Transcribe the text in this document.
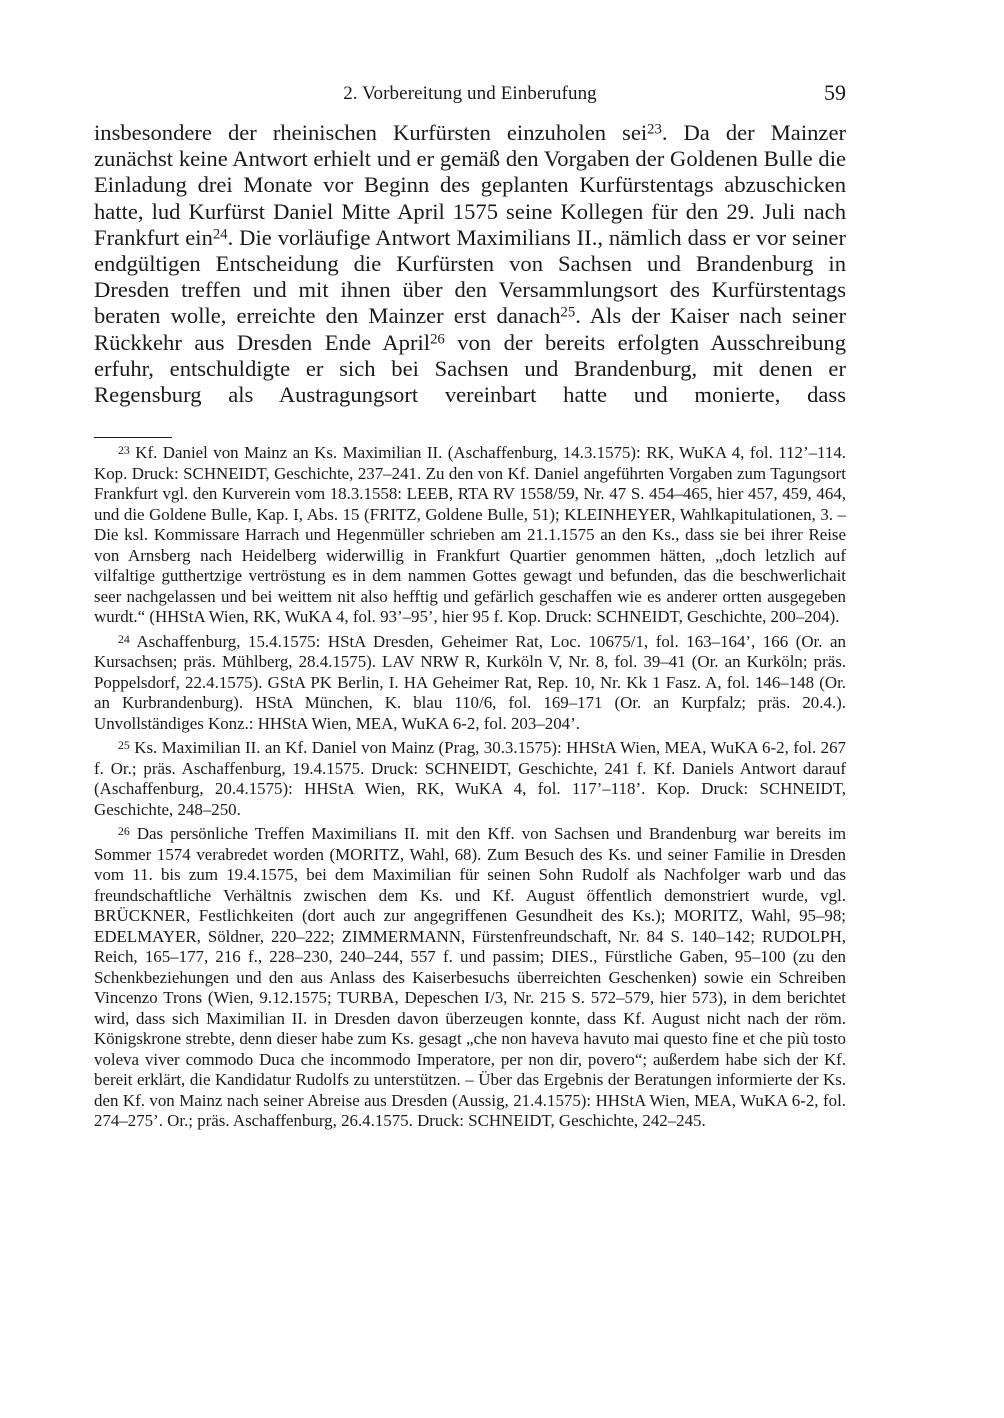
2. Vorbereitung und Einberufung	59
insbesondere der rheinischen Kurfürsten einzuholen sei$^{23}$. Da der Mainzer zunächst keine Antwort erhielt und er gemäß den Vorgaben der Goldenen Bulle die Einladung drei Monate vor Beginn des geplanten Kurfürstentags abzuschicken hatte, lud Kurfürst Daniel Mitte April 1575 seine Kollegen für den 29. Juli nach Frankfurt ein$^{24}$. Die vorläufige Antwort Maximilians II., nämlich dass er vor seiner endgültigen Entscheidung die Kurfürsten von Sachsen und Brandenburg in Dresden treffen und mit ihnen über den Versammlungsort des Kurfürstentags beraten wolle, erreichte den Mainzer erst danach$^{25}$. Als der Kaiser nach seiner Rückkehr aus Dresden Ende April$^{26}$ von der bereits erfolgten Ausschreibung erfuhr, entschuldigte er sich bei Sachsen und Brandenburg, mit denen er Regensburg als Austragungsort vereinbart hatte und monierte, dass

$^{23}$ Kf. Daniel von Mainz an Ks. Maximilian II. (Aschaffenburg, 14.3.1575): RK, WuKA 4, fol. 112’–114. Kop. Druck: SCHNEIDT, Geschichte, 237–241. Zu den von Kf. Daniel angeführten Vorgaben zum Tagungsort Frankfurt vgl. den Kurverein vom 18.3.1558: LEEB, RTA RV 1558/59, Nr. 47 S. 454–465, hier 457, 459, 464, und die Goldene Bulle, Kap. I, Abs. 15 (FRITZ, Goldene Bulle, 51); KLEINHEYER, Wahlkapitulationen, 3. – Die ksl. Kommissare Harrach und Hegenmüller schrieben am 21.1.1575 an den Ks., dass sie bei ihrer Reise von Arnsberg nach Heidelberg widerwillig in Frankfurt Quartier genommen hätten, „doch letzlich auf vilfaltige gutthertzige vertröstung es in dem nammen Gottes gewagt und befunden, das die beschwerlichait seer nachgelassen und bei weittem nit also hefftig und gefärlich geschaffen wie es anderer ortten ausgegeben wurdt.“ (HHStA Wien, RK, WuKA 4, fol. 93’–95’, hier 95 f. Kop. Druck: SCHNEIDT, Geschichte, 200–204).

$^{24}$ Aschaffenburg, 15.4.1575: HStA Dresden, Geheimer Rat, Loc. 10675/1, fol. 163–164’, 166 (Or. an Kursachsen; präs. Mühlberg, 28.4.1575). LAV NRW R, Kurköln V, Nr. 8, fol. 39–41 (Or. an Kurköln; präs. Poppelsdorf, 22.4.1575). GStA PK Berlin, I. HA Geheimer Rat, Rep. 10, Nr. Kk 1 Fasz. A, fol. 146–148 (Or. an Kurbrandenburg). HStA München, K. blau 110/6, fol. 169–171 (Or. an Kurpfalz; präs. 20.4.). Unvollständiges Konz.: HHStA Wien, MEA, WuKA 6-2, fol. 203–204’.

$^{25}$ Ks. Maximilian II. an Kf. Daniel von Mainz (Prag, 30.3.1575): HHStA Wien, MEA, WuKA 6-2, fol. 267 f. Or.; präs. Aschaffenburg, 19.4.1575. Druck: SCHNEIDT, Geschichte, 241 f. Kf. Daniels Antwort darauf (Aschaffenburg, 20.4.1575): HHStA Wien, RK, WuKA 4, fol. 117’–118’. Kop. Druck: SCHNEIDT, Geschichte, 248–250.

$^{26}$ Das persönliche Treffen Maximilians II. mit den Kff. von Sachsen und Brandenburg war bereits im Sommer 1574 verabredet worden (MORITZ, Wahl, 68). Zum Besuch des Ks. und seiner Familie in Dresden vom 11. bis zum 19.4.1575, bei dem Maximilian für seinen Sohn Rudolf als Nachfolger warb und das freundschaftliche Verhältnis zwischen dem Ks. und Kf. August öffentlich demonstriert wurde, vgl. BRÜCKNER, Festlichkeiten (dort auch zur angegriffenen Gesundheit des Ks.); MORITZ, Wahl, 95–98; EDELMAYER, Söldner, 220–222; ZIMMERMANN, Fürstenfreundschaft, Nr. 84 S. 140–142; RUDOLPH, Reich, 165–177, 216 f., 228–230, 240–244, 557 f. und passim; DIES., Fürstliche Gaben, 95–100 (zu den Schenkbeziehungen und den aus Anlass des Kaiserbesuchs überreichten Geschenken) sowie ein Schreiben Vincenzo Trons (Wien, 9.12.1575; TURBA, Depeschen I/3, Nr. 215 S. 572–579, hier 573), in dem berichtet wird, dass sich Maximilian II. in Dresden davon überzeugen konnte, dass Kf. August nicht nach der röm. Königskrone strebte, denn dieser habe zum Ks. gesagt „che non haveva havuto mai questo fine et che più tosto voleva viver commodo Duca che incommodo Imperatore, per non dir, povero“; außerdem habe sich der Kf. bereit erklärt, die Kandidatur Rudolfs zu unterstützen. – Über das Ergebnis der Beratungen informierte der Ks. den Kf. von Mainz nach seiner Abreise aus Dresden (Aussig, 21.4.1575): HHStA Wien, MEA, WuKA 6-2, fol. 274–275’. Or.; präs. Aschaffenburg, 26.4.1575. Druck: SCHNEIDT, Geschichte, 242–245.
